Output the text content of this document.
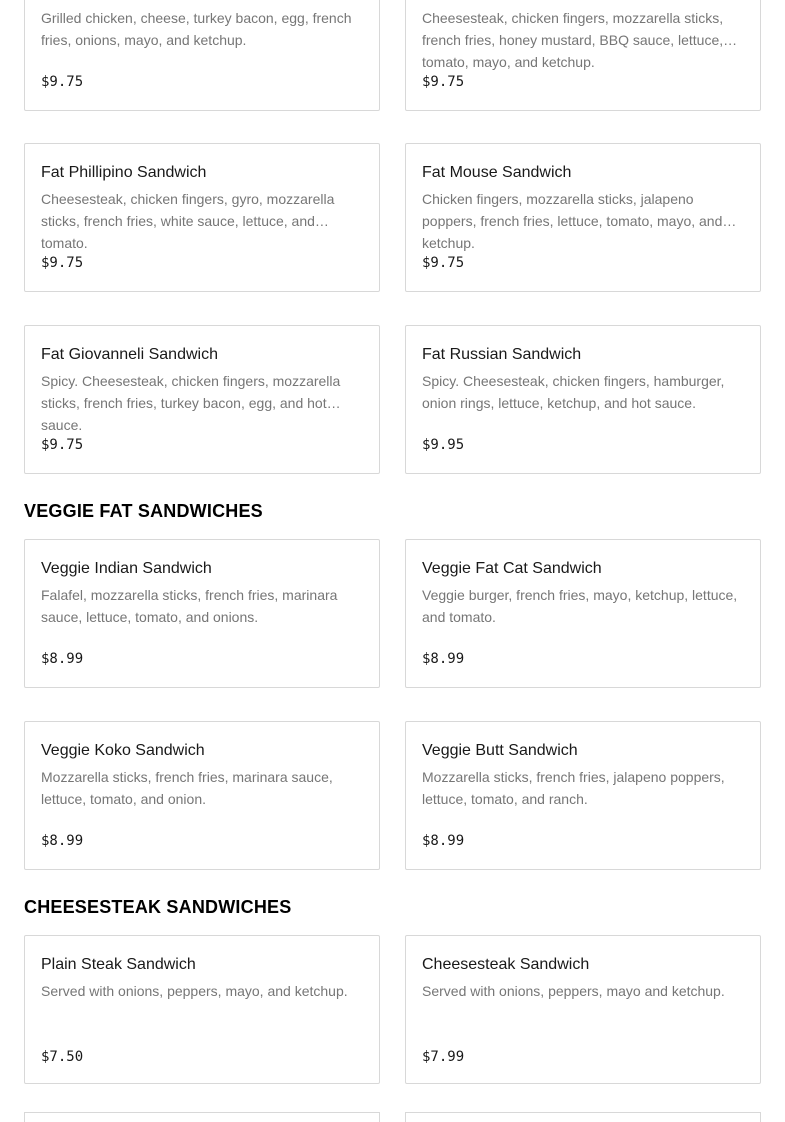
Grilled chicken, cheese, turkey bacon, egg, french fries, onions, mayo, and ketchup.
$9.75
Cheesesteak, chicken fingers, mozzarella sticks, french fries, honey mustard, BBQ sauce, lettuce, tomato, mayo, and ketchup.
$9.75
Fat Phillipino Sandwich
Cheesesteak, chicken fingers, gyro, mozzarella sticks, french fries, white sauce, lettuce, and tomato.
$9.75
Fat Mouse Sandwich
Chicken fingers, mozzarella sticks, jalapeno poppers, french fries, lettuce, tomato, mayo, and ketchup.
$9.75
Fat Giovanneli Sandwich
Spicy. Cheesesteak, chicken fingers, mozzarella sticks, french fries, turkey bacon, egg, and hot sauce.
$9.75
Fat Russian Sandwich
Spicy. Cheesesteak, chicken fingers, hamburger, onion rings, lettuce, ketchup, and hot sauce.
$9.95
VEGGIE FAT SANDWICHES
Veggie Indian Sandwich
Falafel, mozzarella sticks, french fries, marinara sauce, lettuce, tomato, and onions.
$8.99
Veggie Fat Cat Sandwich
Veggie burger, french fries, mayo, ketchup, lettuce, and tomato.
$8.99
Veggie Koko Sandwich
Mozzarella sticks, french fries, marinara sauce, lettuce, tomato, and onion.
$8.99
Veggie Butt Sandwich
Mozzarella sticks, french fries, jalapeno poppers, lettuce, tomato, and ranch.
$8.99
CHEESESTEAK SANDWICHES
Plain Steak Sandwich
Served with onions, peppers, mayo, and ketchup.
$7.50
Cheesesteak Sandwich
Served with onions, peppers, mayo and ketchup.
$7.99
